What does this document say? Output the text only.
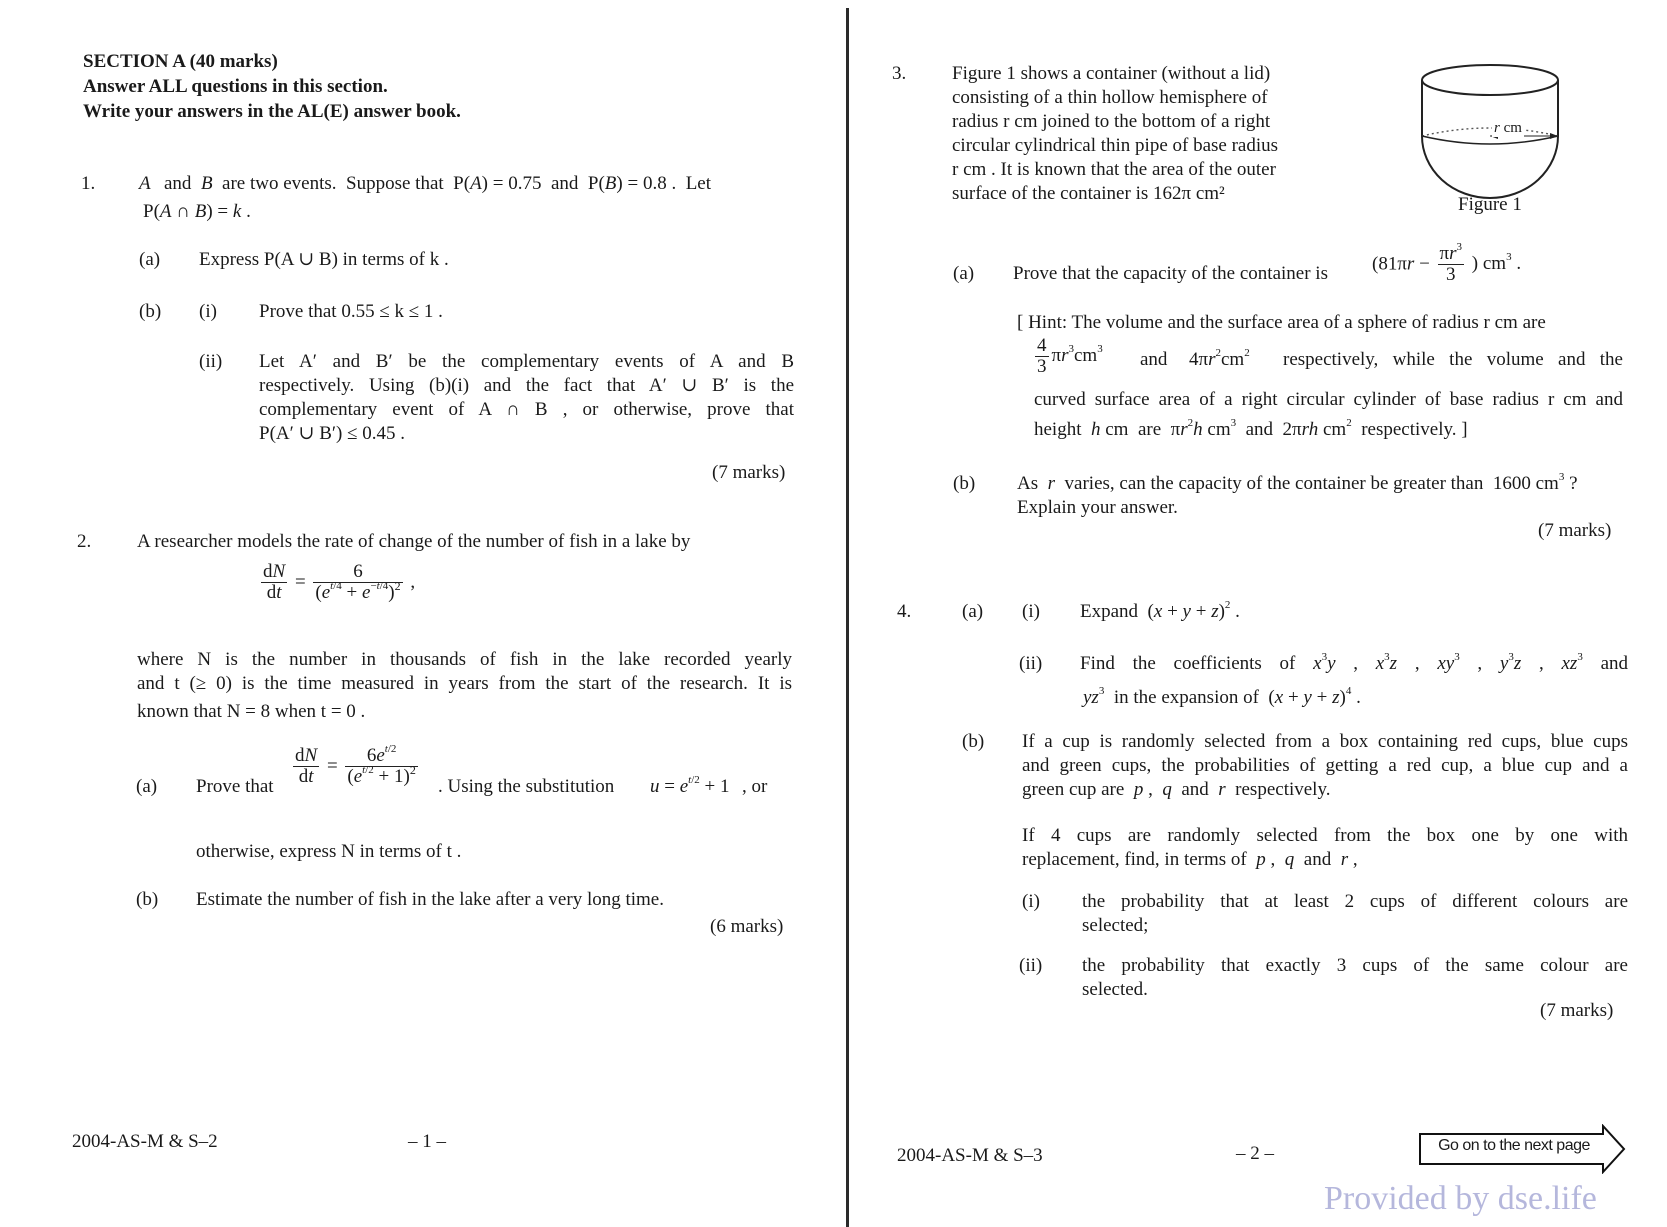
SECTION A (40 marks)
Answer ALL questions in this section.
Write your answers in the AL(E) answer book.
1. A and  B  are two events.  Suppose that  P(A) = 0.75  and  P(B) = 0.8 .  Let
P(A ∩ B) = k .
(a) Express P(A ∪ B) in terms of k .
(b) (i) Prove that 0.55 ≤ k ≤ 1 .
(ii) Let A′ and B′ be the complementary events of A and B
respectively. Using (b)(i) and the fact that A′ ∪ B′ is the
complementary event of A ∩ B , or otherwise, prove that
P(A′ ∪ B′) ≤ 0.45 .
(7 marks)
2. A researcher models the rate of change of the number of fish in a lake by
$\frac{dN}{dt} = \frac{6}{(e^{t/4} + e^{-t/4})^2}$ ,
where N is the number in thousands of fish in the lake recorded yearly
and t (≥ 0) is the time measured in years from the start of the research. It is
known that N = 8 when t = 0 .
(a) Prove that $\frac{dN}{dt} = \frac{6e^{t/2}}{(e^{t/2} + 1)^2}$ . Using the substitution $u = e^{t/2} + 1$ , or
otherwise, express N in terms of t .
(b) Estimate the number of fish in the lake after a very long time.
(6 marks)
2004-AS-M & S–2	– 1 –
3. Figure 1 shows a container (without a lid)
consisting of a thin hollow hemisphere of
radius r cm joined to the bottom of a right
circular cylindrical thin pipe of base radius
r cm . It is known that the area of the outer
surface of the container is 162π cm²
r cm
Figure 1
(a) Prove that the capacity of the container is ($81\pi r - \frac{\pi r^3}{3}$ ) $cm^3$ .
[ Hint: The volume and the surface area of a sphere of radius r cm are
$\frac{4}{3} \pi r^3cm^3$ and $4\pi r^2cm^2$ respectively, while the volume and the
curved surface area of a right circular cylinder of base radius r cm and
height  h cm  are  $\pi r^2h$ $cm^3$  and  2πrh $cm^2$  respectively. ]
(b) As  r  varies, can the capacity of the container be greater than  1600 $cm^3$ ?
Explain your answer.
(7 marks)
4.	(a) (i) Expand  $(x + y + z)^2$ .
(ii) Find the coefficients of $x^3y$ , $x^3z$ , $xy^3$ , $y^3z$ , $xz^3$ and
$yz^3$  in the expansion of  $(x + y + z)^4$ .
(b) If a cup is randomly selected from a box containing red cups, blue cups
and green cups, the probabilities of getting a red cup, a blue cup and a
green cup are  p ,  q  and  r  respectively.
If 4 cups are randomly selected from the box one by one with
replacement, find, in terms of  p ,  q  and  r ,
(i) the probability that at least 2 cups of different colours are
selected;
(ii) the probability that exactly 3 cups of the same colour are
selected.
(7 marks)
2004-AS-M & S–3	– 2 –	Go on to the next page
Provided by dse.life
